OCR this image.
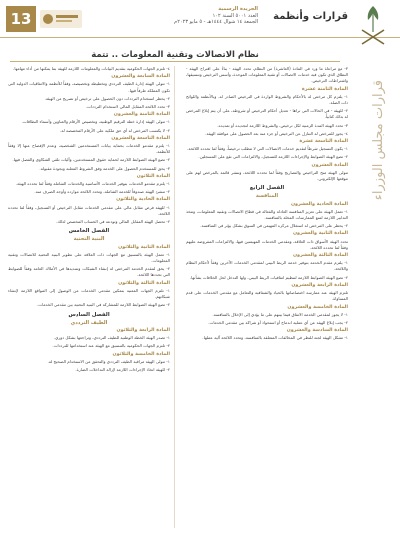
13
الجريدة الرسمية
العدد ٥٠٠١ السنة ١٠٢
الجمعة ١٤ شوال ١٤٤٤هـ - ٥ مايو ٢٠٢٣م قرارات وأنظمة
قرارات مجلس الوزراء
نظام الاتصالات وتقنية المعلومات .. تتمة

٣- مع مراعاة ما ورد في المادة (العاشرة) من النظام، تحدد الهيئة - بناءً على اقتراح الهيئة - النطاق الذي تكون فيه خدمات الاتصالات أو تقنية المعلومات الموحدة، وأسس الترخيص وتنسيقها، واشتراطات الترخيص.

المادة الثامنة عشرة

١- يلتزم كل مرخص له بالأحكام والشروط الواردة في الترخيص الصادر له، وبالأنظمة واللوائح ذات الصلة.

٢- للهيئة - في الحالات التي تراها - تعديل أحكام الترخيص أو شروطه، على أن يتم إبلاغ المرخص له بذلك كتابياً.

٣- تحدد الهيئة المدة الزمنية لكل ترخيص، والشروط اللازمة لتجديده أو تمديده.

٤- يجوز للمرخص له التنازل عن الترخيص أو جزء منه بعد الحصول على موافقة الهيئة.

المادة التاسعة عشرة

١- يكون التسجيل شرطاً لتقديم خدمات الاتصالات التي لا تتطلب ترخيصاً، وفقاً لما تحدده اللائحة.

٢- تضع الهيئة الضوابط والإجراءات اللازمة للتسجيل، والالتزامات التي تقع على المسجلين.

المادة العشرون

تتولى الهيئة منح التراخيص والتصاريح وفقاً لما تحدده اللائحة، وتنشر قائمة بالمرخص لهم على موقعها الإلكتروني.

الفصل الرابع
المنافسة
المادة الحادية والعشرون

١- تعمل الهيئة على تعزيز المنافسة العادلة والفعالة في قطاع الاتصالات وتقنية المعلومات، وتتخذ التدابير اللازمة لمنع الممارسات المخلة بالمنافسة.

٢- يحظر على المرخص له استغلال مركزه المهيمن في السوق بشكل يؤثر في المنافسة.

المادة الثانية والعشرون

تحدد الهيئة الأسواق ذات العلاقة، ومقدمي الخدمات المهيمنين فيها، والالتزامات المفروضة عليهم وفقاً لما تحدده اللائحة.

المادة الثالثة والعشرون

١- يلتزم مقدم الخدمة بتوفير خدمة الربط البيني لمقدمي الخدمات الآخرين وفقاً لأحكام النظام واللائحة.

٢- تضع الهيئة الضوابط اللازمة لتنظيم اتفاقيات الربط البيني، ولها التدخل لحل الخلافات بشأنها.

المادة الرابعة والعشرون

تلتزم الهيئة عند ممارسة اختصاصاتها بالحياد والشفافية والتعامل مع مقدمي الخدمات على قدم المساواة.

المادة الخامسة والعشرون

١- لا يجوز لمقدمي الخدمة الاتفاق فيما بينهم على ما يؤدي إلى الإخلال بالمنافسة.

٢- يجب إبلاغ الهيئة عن أي عملية اندماج أو استحواذ أو شراكة بين مقدمي الخدمات.

المادة السادسة والعشرون

١- تشكل الهيئة لجنة للنظر في المخالفات المتعلقة بالمنافسة، وتحدد اللائحة آلية عملها.

٤- تلتزم الجهات الحكومية بتقديم البيانات والمعلومات اللازمة للهيئة بما يمكنها من أداء مهامها.

المادة السابعة والعشرون

١- تتولى الهيئة إدارة الطيف الترددي وتخطيطه وتخصيصه، وفقاً للأنظمة والاتفاقيات الدولية التي تكون المملكة طرفاً فيها.

٢- يحظر استخدام الترددات دون الحصول على ترخيص أو تصريح من الهيئة.

٣- تحدد اللائحة المقابل المالي لاستخدام الترددات.

المادة الثامنة والعشرون

١- تتولى الهيئة إدارة خطة الترقيم الوطنية، وتخصيص الأرقام والعناوين وأسماء النطاقات.

٢- لا يكتسب المرخص له أي حق ملكية على الأرقام المخصصة له.

المادة التاسعة والعشرون

١- يلتزم مقدمو الخدمات بحماية بيانات المستخدمين الشخصية، وعدم الإفصاح عنها إلا وفقاً للأنظمة.

٢- تضع الهيئة الضوابط اللازمة لحماية حقوق المستخدمين، وآليات تلقي الشكاوى والفصل فيها.

٣- يحق للمستخدم الحصول على الخدمة وفق الشروط المعلنة وبجودة مقبولة.

المادة الثلاثون

١- يلتزم مقدمو الخدمات بتوفير الخدمات الأساسية والخدمات الشاملة وفقاً لما تحدده الهيئة.

٢- تنشئ الهيئة صندوقاً للخدمة الشاملة، وتحدد اللائحة موارده وأوجه الصرف منه.

المادة الحادية والثلاثون

١- للهيئة فرض مقابل مالي على مقدمي الخدمات مقابل الترخيص أو التسجيل، وفقاً لما تحدده اللائحة.

٢- تحصل الهيئة المقابل المالي وتودعه في الحساب المخصص لذلك.

الفصل الخامس
البنية التحتية
المادة الثانية والثلاثون

١- تعمل الهيئة بالتنسيق مع الجهات ذات العلاقة على تطوير البنية التحتية للاتصالات وتقنية المعلومات.

٢- يحق لمقدم الخدمة المرخص له إنشاء الشبكات وتمديدها في الأملاك العامة وفقاً للضوابط التي تحددها اللائحة.

المادة الثالثة والثلاثون

١- تلتزم الجهات المعنية بتمكين مقدمي الخدمات من الوصول إلى المواقع اللازمة لإنشاء شبكاتهم.

٢- تضع الهيئة الضوابط اللازمة للمشاركة في البنية التحتية بين مقدمي الخدمات.

الفصل السادس
الطيف الترددي
المادة الرابعة والثلاثون

١- تصدر الهيئة الخطة الوطنية للطيف الترددي، وتراجعها بشكل دوري.

٢- تلتزم الجهات الحكومية بالتنسيق مع الهيئة عند استخدامها للترددات.

المادة الخامسة والثلاثون

١- تتولى الهيئة مراقبة الطيف الترددي والتحقق من الاستخدام الصحيح له.

٢- للهيئة اتخاذ الإجراءات اللازمة لإزالة التداخلات الضارة.
